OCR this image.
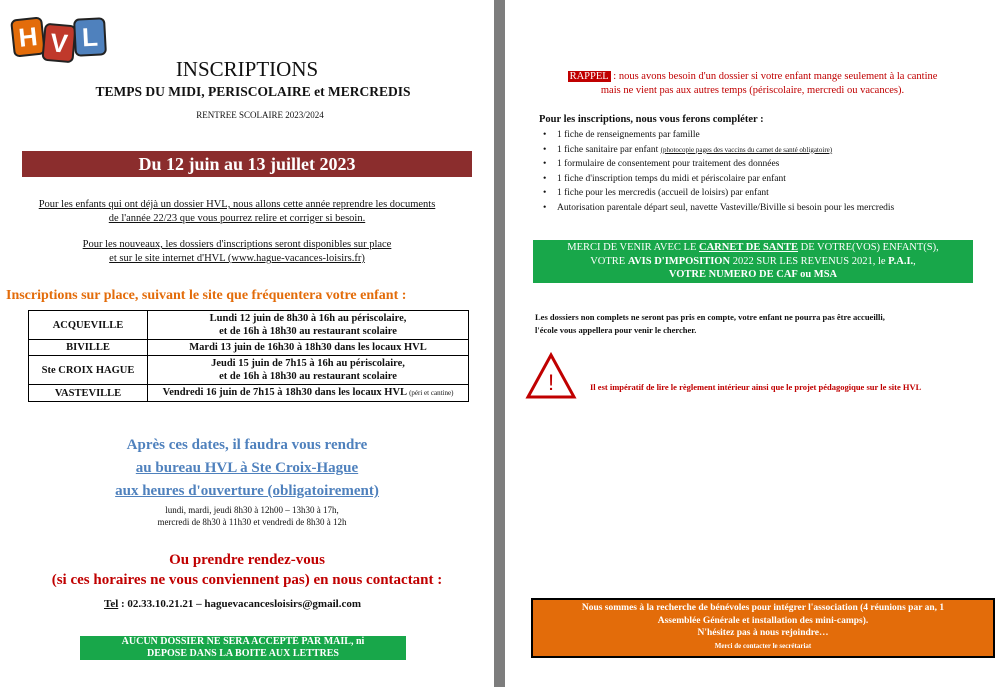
H V L
INSCRIPTIONS
TEMPS DU MIDI, PERISCOLAIRE et MERCREDIS
RENTREE SCOLAIRE 2023/2024
Du 12 juin au 13 juillet 2023
Pour les enfants qui ont déjà un dossier HVL, nous allons cette année reprendre les documents
de l'année 22/23 que vous pourrez relire et corriger si besoin.
Pour les nouveaux, les dossiers d'inscriptions seront disponibles sur place
et sur le site internet d'HVL (www.hague-vacances-loisirs.fr)
Inscriptions sur place, suivant le site que fréquentera votre enfant :
ACQUEVILLE	Lundi 12 juin de 8h30 à 16h au périscolaire,
et de 16h à 18h30 au restaurant scolaire

BIVILLE	Mardi 13 juin de 16h30 à 18h30 dans les locaux HVL

Ste CROIX HAGUE	Jeudi 15 juin de 7h15 à 16h au périscolaire,
et de 16h à 18h30 au restaurant scolaire

VASTEVILLE	Vendredi 16 juin de 7h15 à 18h30 dans les locaux HVL (péri et cantine)
Après ces dates, il faudra vous rendre
au bureau HVL à Ste Croix-Hague
aux heures d'ouverture (obligatoirement)
lundi, mardi, jeudi 8h30 à 12h00 – 13h30 à 17h,
mercredi de 8h30 à 11h30 et vendredi de 8h30 à 12h
Ou prendre rendez-vous
(si ces horaires ne vous conviennent pas) en nous contactant :
Tel : 02.33.10.21.21 – haguevacancesloisirs@gmail.com
AUCUN DOSSIER NE SERA ACCEPTÉ PAR MAIL, ni
DEPOSE DANS LA BOITE AUX LETTRES
RAPPEL : nous avons besoin d'un dossier si votre enfant mange seulement à la cantine
mais ne vient pas aux autres temps (périscolaire, mercredi ou vacances).
Pour les inscriptions, nous vous ferons compléter :
• 1 fiche de renseignements par famille
• 1 fiche sanitaire par enfant (photocopie pages des vaccins du carnet de santé obligatoire)
• 1 formulaire de consentement pour traitement des données
• 1 fiche d'inscription temps du midi et périscolaire par enfant
• 1 fiche pour les mercredis (accueil de loisirs) par enfant
• Autorisation parentale départ seul, navette Vasteville/Biville si besoin pour les mercredis
MERCI DE VENIR AVEC LE CARNET DE SANTE DE VOTRE(VOS) ENFANT(S),
VOTRE AVIS D'IMPOSITION 2022 SUR LES REVENUS 2021, le P.A.I.,
VOTRE NUMERO DE CAF ou MSA
Les dossiers non complets ne seront pas pris en compte, votre enfant ne pourra pas être accueilli,
l'école vous appellera pour venir le chercher.
!	Il est impératif de lire le règlement intérieur ainsi que le projet pédagogique sur le site HVL
Nous sommes à la recherche de bénévoles pour intégrer l'association (4 réunions par an, 1
Assemblée Générale et installation des mini-camps).
N'hésitez pas à nous rejoindre…
Merci de contacter le secrétariat
